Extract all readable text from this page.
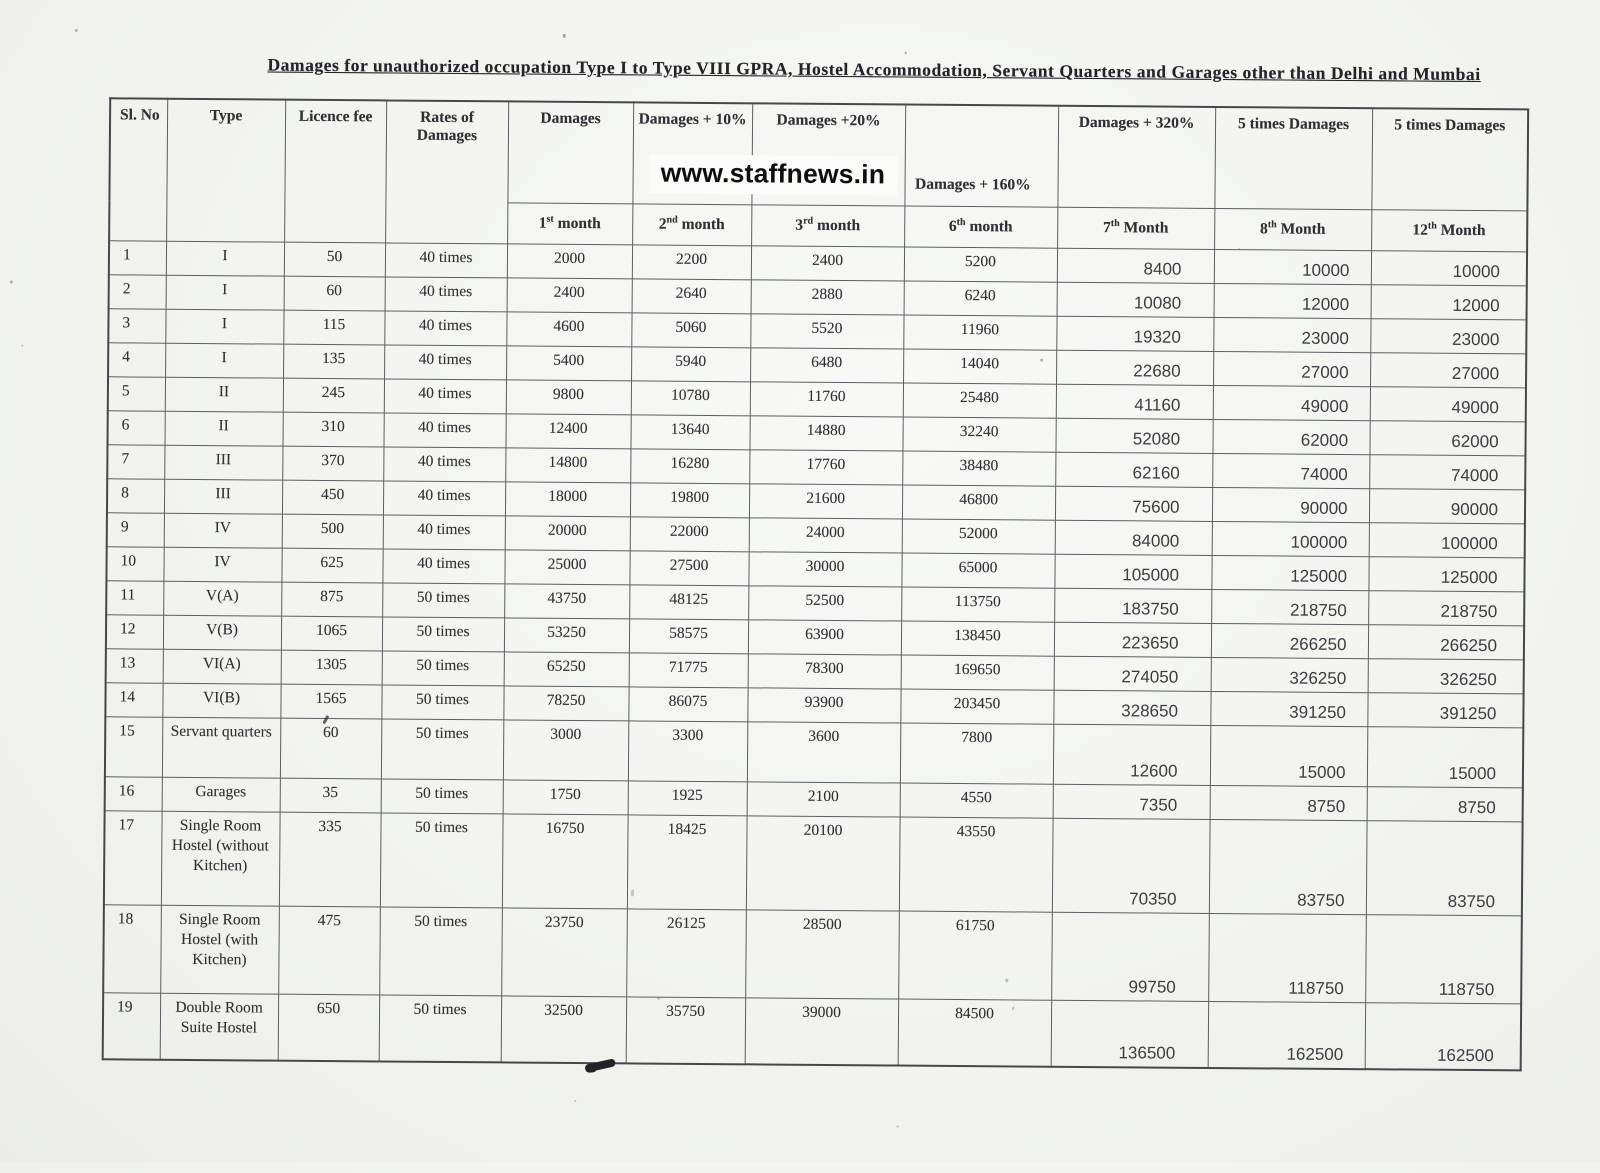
Damages for unauthorized occupation Type I to Type VIII GPRA, Hostel Accommodation, Servant Quarters and Garages other than Delhi and Mumbai
www.staffnews.in
Sl. No	Type	Licence fee	Rates of Damages	Damages	Damages + 10%	Damages +20%	Damages + 160%	Damages + 320%	5 times Damages	5 times Damages
				1st month	2nd month	3rd month	6th month	7th Month	8th Month	12th Month
1	I	50	40 times	2000	2200	2400	5200	8400	10000	10000
2	I	60	40 times	2400	2640	2880	6240	10080	12000	12000
3	I	115	40 times	4600	5060	5520	11960	19320	23000	23000
4	I	135	40 times	5400	5940	6480	14040	22680	27000	27000
5	II	245	40 times	9800	10780	11760	25480	41160	49000	49000
6	II	310	40 times	12400	13640	14880	32240	52080	62000	62000
7	III	370	40 times	14800	16280	17760	38480	62160	74000	74000
8	III	450	40 times	18000	19800	21600	46800	75600	90000	90000
9	IV	500	40 times	20000	22000	24000	52000	84000	100000	100000
10	IV	625	40 times	25000	27500	30000	65000	105000	125000	125000
11	V(A)	875	50 times	43750	48125	52500	113750	183750	218750	218750
12	V(B)	1065	50 times	53250	58575	63900	138450	223650	266250	266250
13	VI(A)	1305	50 times	65250	71775	78300	169650	274050	326250	326250
14	VI(B)	1565	50 times	78250	86075	93900	203450	328650	391250	391250
15	Servant quarters	60	50 times	3000	3300	3600	7800	12600	15000	15000
16	Garages	35	50 times	1750	1925	2100	4550	7350	8750	8750
17	Single Room Hostel (without Kitchen)	335	50 times	16750	18425	20100	43550	70350	83750	83750
18	Single Room Hostel (with Kitchen)	475	50 times	23750	26125	28500	61750	99750	118750	118750
19	Double Room Suite Hostel	650	50 times	32500	35750	39000	84500	136500	162500	162500
